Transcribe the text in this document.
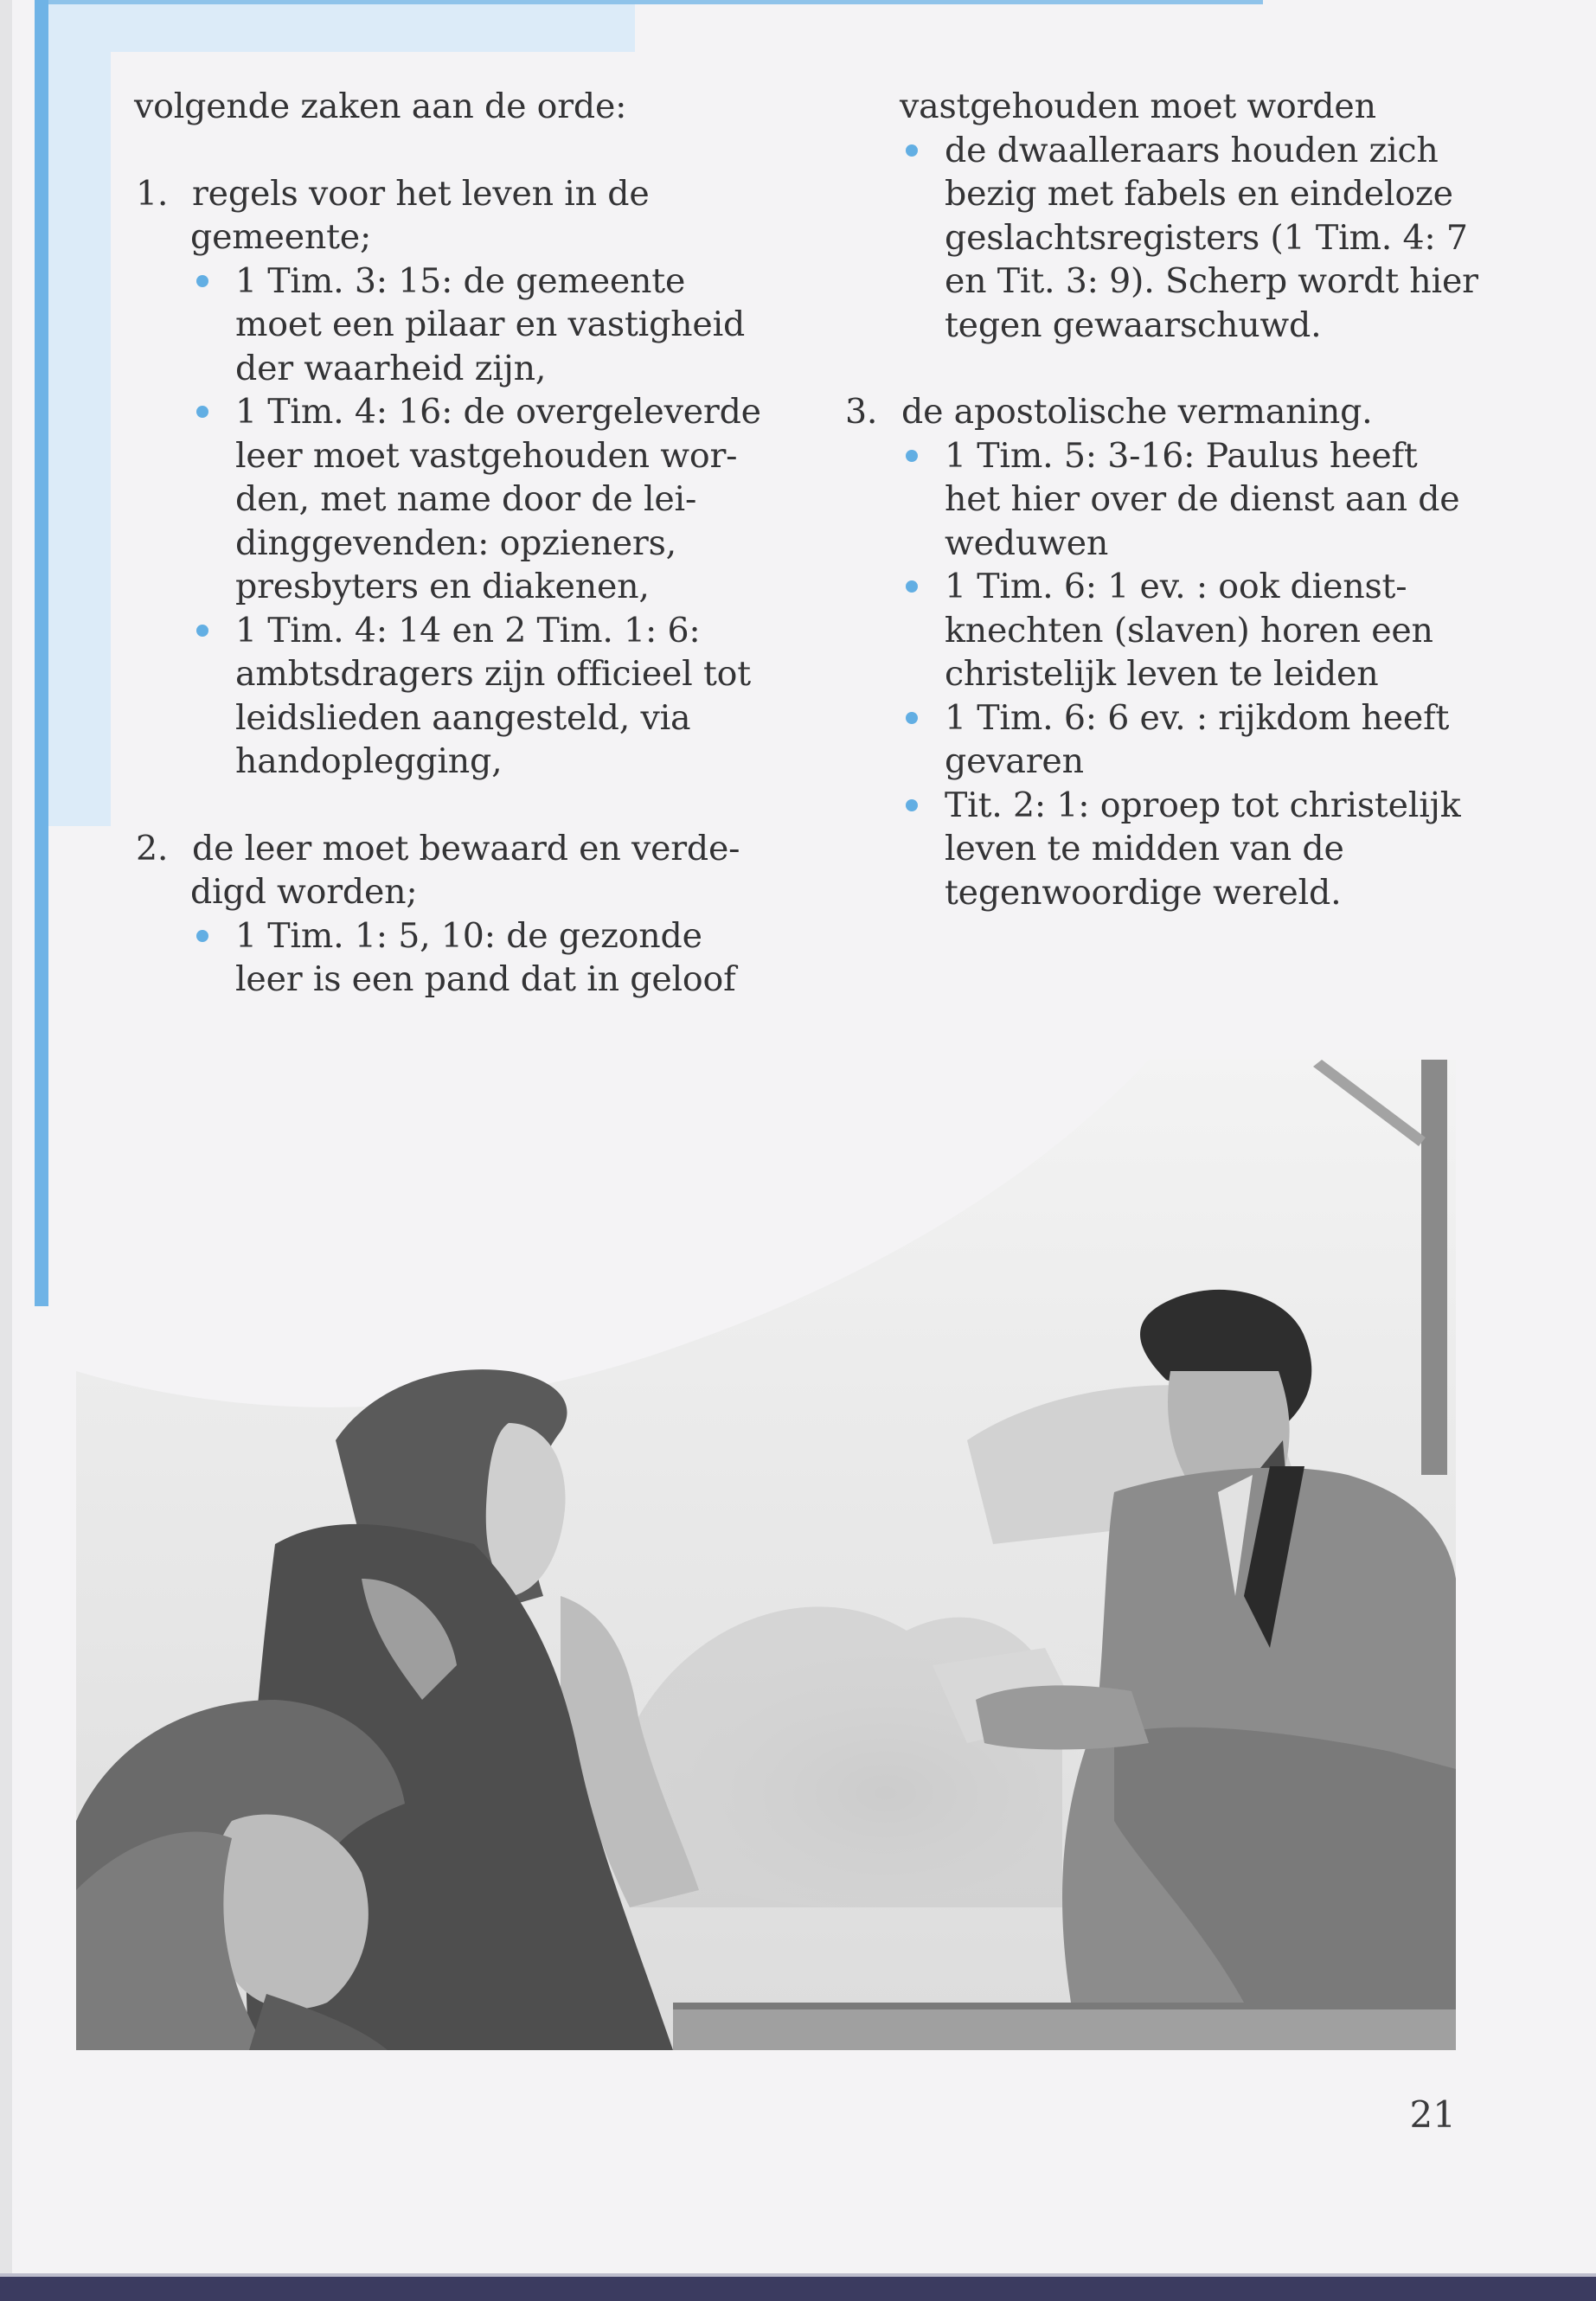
volgende zaken aan de orde:
1. regels voor het leven in de
gemeente;
1 Tim. 3: 15: de gemeente
moet een pilaar en vastigheid
der waarheid zijn,
1 Tim. 4: 16: de overgeleverde
leer moet vastgehouden wor-
den, met name door de lei-
dinggevenden: opzieners,
presbyters en diakenen,
1 Tim. 4: 14 en 2 Tim. 1: 6:
ambtsdragers zijn officieel tot
leidslieden aangesteld, via
handoplegging,
2. de leer moet bewaard en verde-
digd worden;
1 Tim. 1: 5, 10: de gezonde
leer is een pand dat in geloof
vastgehouden moet worden
de dwaalleraars houden zich
bezig met fabels en eindeloze
geslachtsregisters (1 Tim. 4: 7
en Tit. 3: 9). Scherp wordt hier
tegen gewaarschuwd.
3. de apostolische vermaning.
1 Tim. 5: 3-16: Paulus heeft
het hier over de dienst aan de
weduwen
1 Tim. 6: 1 ev. : ook dienst-
knechten (slaven) horen een
christelijk leven te leiden
1 Tim. 6: 6 ev. : rijkdom heeft
gevaren
Tit. 2: 1: oproep tot christelijk
leven te midden van de
tegenwoordige wereld.
21
